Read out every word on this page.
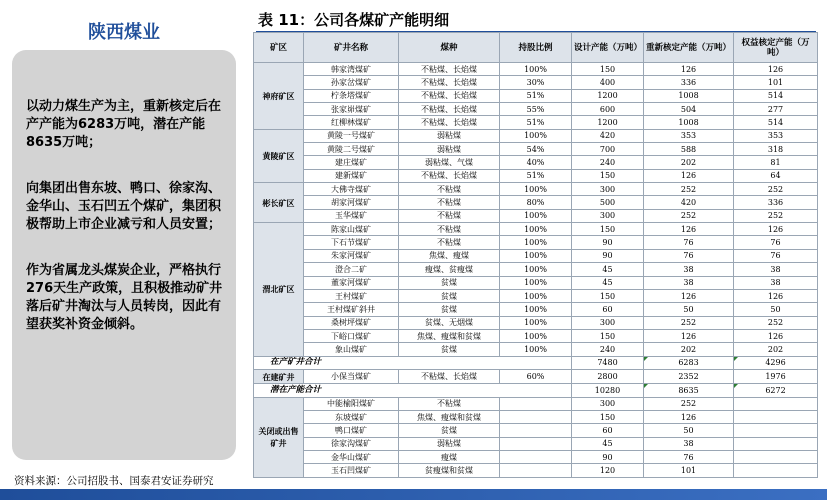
陕西煤业

以动力煤生产为主，重新核定后在产产能为6283万吨，潜在产能8635万吨；

向集团出售东坡、鸭口、徐家沟、金华山、玉石凹五个煤矿，集团积极帮助上市企业减亏和人员安置；

作为省属龙头煤炭企业，严格执行276天生产政策，且积极推动矿井落后矿井淘汰与人员转岗，因此有望获奖补资金倾斜。

资料来源：公司招股书、国泰君安证券研究
表 11：公司各煤矿产能明细
矿区	矿井名称	煤种	持股比例	设计产能（万吨）	重新核定产能（万吨）	权益核定产能（万吨）
神府矿区	韩家湾煤矿	不粘煤、长焰煤	100%	150	126	126
	孙家岔煤矿	不粘煤、长焰煤	30%	400	336	101
	柠条塔煤矿	不粘煤、长焰煤	51%	1200	1008	514
	张家峁煤矿	不粘煤、长焰煤	55%	600	504	277
	红柳林煤矿	不粘煤、长焰煤	51%	1200	1008	514
黄陵矿区	黄陵一号煤矿	弱粘煤	100%	420	353	353
	黄陵二号煤矿	弱粘煤	54%	700	588	318
	建庄煤矿	弱粘煤、气煤	40%	240	202	81
	建新煤矿	不粘煤、长焰煤	51%	150	126	64
彬长矿区	大佛寺煤矿	不粘煤	100%	300	252	252
	胡家河煤矿	不粘煤	80%	500	420	336
	玉华煤矿	不粘煤	100%	300	252	252
渭北矿区	陈家山煤矿	不粘煤	100%	150	126	126
	下石节煤矿	不粘煤	100%	90	76	76
	朱家河煤矿	焦煤、瘦煤	100%	90	76	76
	澄合二矿	瘦煤、贫瘦煤	100%	45	38	38
	董家河煤矿	贫煤	100%	45	38	38
	王村煤矿	贫煤	100%	150	126	126
	王村煤矿斜井	贫煤	100%	60	50	50
	桑树坪煤矿	贫煤、无烟煤	100%	300	252	252
	下峪口煤矿	焦煤、瘦煤和贫煤	100%	150	126	126
	象山煤矿	贫煤	100%	240	202	202
在产矿井合计				7480	6283	4296
在建矿井	小保当煤矿	不粘煤、长焰煤	60%	2800	2352	1976
潜在产能合计				10280	8635	6272
关闭或出售矿井	中能榆阳煤矿	不粘煤		300	252	
	东坡煤矿	焦煤、瘦煤和贫煤		150	126	
	鸭口煤矿	贫煤		60	50	
	徐家沟煤矿	弱粘煤		45	38	
	金华山煤矿	瘦煤		90	76	
	玉石凹煤矿	贫瘦煤和贫煤		120	101	
